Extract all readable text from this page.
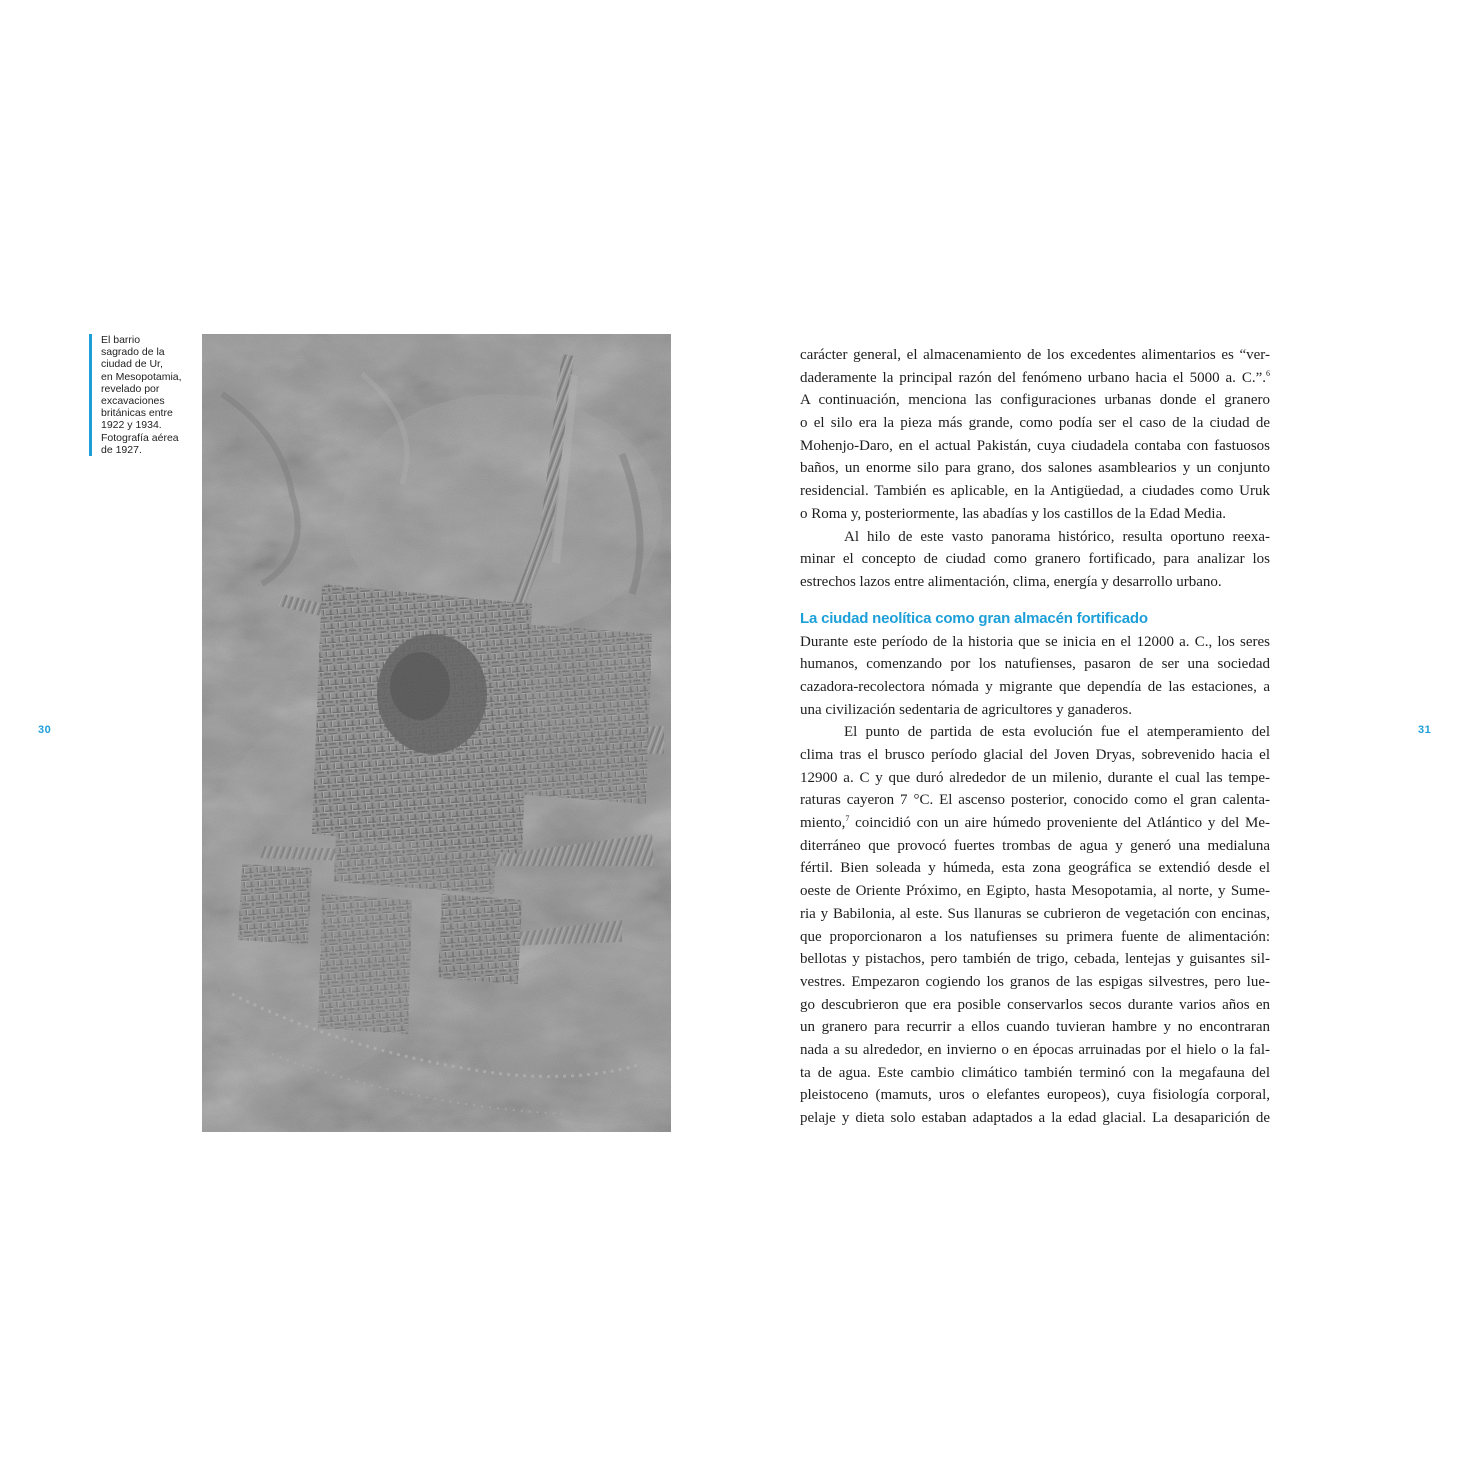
30	31
El barrio
sagrado de la
ciudad de Ur,
en Mesopotamia,
revelado por
excavaciones
británicas entre
1922 y 1934.
Fotografía aérea
de 1927.
carácter general, el almacenamiento de los excedentes alimentarios es “ver-
daderamente la principal razón del fenómeno urbano hacia el 5000 a. C.”.$^6$
A continuación, menciona las configuraciones urbanas donde el granero
o el silo era la pieza más grande, como podía ser el caso de la ciudad de
Mohenjo-Daro, en el actual Pakistán, cuya ciudadela contaba con fastuosos
baños, un enorme silo para grano, dos salones asamblearios y un conjunto
residencial. También es aplicable, en la Antigüedad, a ciudades como Uruk
o Roma y, posteriormente, las abadías y los castillos de la Edad Media.
Al hilo de este vasto panorama histórico, resulta oportuno reexa-
minar el concepto de ciudad como granero fortificado, para analizar los
estrechos lazos entre alimentación, clima, energía y desarrollo urbano.
La ciudad neolítica como gran almacén fortificado
Durante este período de la historia que se inicia en el 12000 a. C., los seres
humanos, comenzando por los natufienses, pasaron de ser una sociedad
cazadora-recolectora nómada y migrante que dependía de las estaciones, a
una civilización sedentaria de agricultores y ganaderos.
El punto de partida de esta evolución fue el atemperamiento del
clima tras el brusco período glacial del Joven Dryas, sobrevenido hacia el
12900 a. C y que duró alrededor de un milenio, durante el cual las tempe-
raturas cayeron 7 °C. El ascenso posterior, conocido como el gran calenta-
miento,$^7$ coincidió con un aire húmedo proveniente del Atlántico y del Me-
diterráneo que provocó fuertes trombas de agua y generó una medialuna
fértil. Bien soleada y húmeda, esta zona geográfica se extendió desde el
oeste de Oriente Próximo, en Egipto, hasta Mesopotamia, al norte, y Sume-
ria y Babilonia, al este. Sus llanuras se cubrieron de vegetación con encinas,
que proporcionaron a los natufienses su primera fuente de alimentación:
bellotas y pistachos, pero también de trigo, cebada, lentejas y guisantes sil-
vestres. Empezaron cogiendo los granos de las espigas silvestres, pero lue-
go descubrieron que era posible conservarlos secos durante varios años en
un granero para recurrir a ellos cuando tuvieran hambre y no encontraran
nada a su alrededor, en invierno o en épocas arruinadas por el hielo o la fal-
ta de agua. Este cambio climático también terminó con la megafauna del
pleistoceno (mamuts, uros o elefantes europeos), cuya fisiología corporal,
pelaje y dieta solo estaban adaptados a la edad glacial. La desaparición de
